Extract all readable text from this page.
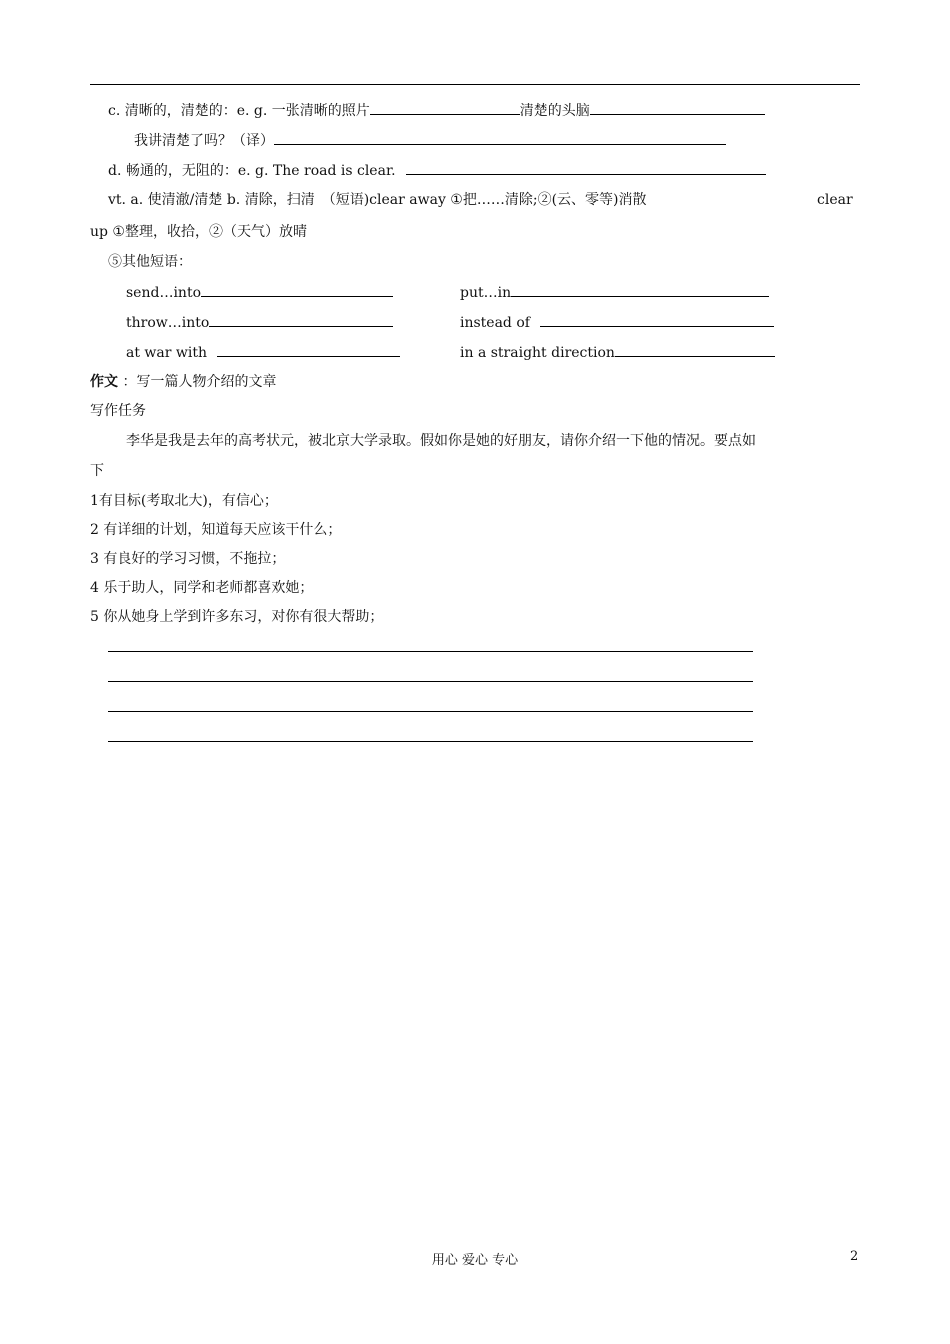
c. 清晰的，清楚的：e. g. 一张清晰的照片	清楚的头脑
我讲清楚了吗？（译）
d. 畅通的，无阻的：e. g. The road is clear.
vt. a. 使清澈/清楚 b. 清除，扫清　（短语)clear away ①把……清除;②(云、零等)消散	clear
up ①整理，收拾，②（天气）放晴
⑤其他短语：
send…into	put…in
throw…into	instead of
at war with	in a straight direction
作文 ：写一篇人物介绍的文章
写作任务
李华是我是去年的高考状元，被北京大学录取。假如你是她的好朋友，请你介绍一下他的情况。要点如
下
1有目标(考取北大)，有信心；
2 有详细的计划，知道每天应该干什么；
3 有良好的学习习惯，不拖拉；
4 乐于助人，同学和老师都喜欢她；
5 你从她身上学到许多东习，对你有很大帮助；
用心 爱心 专心	2
